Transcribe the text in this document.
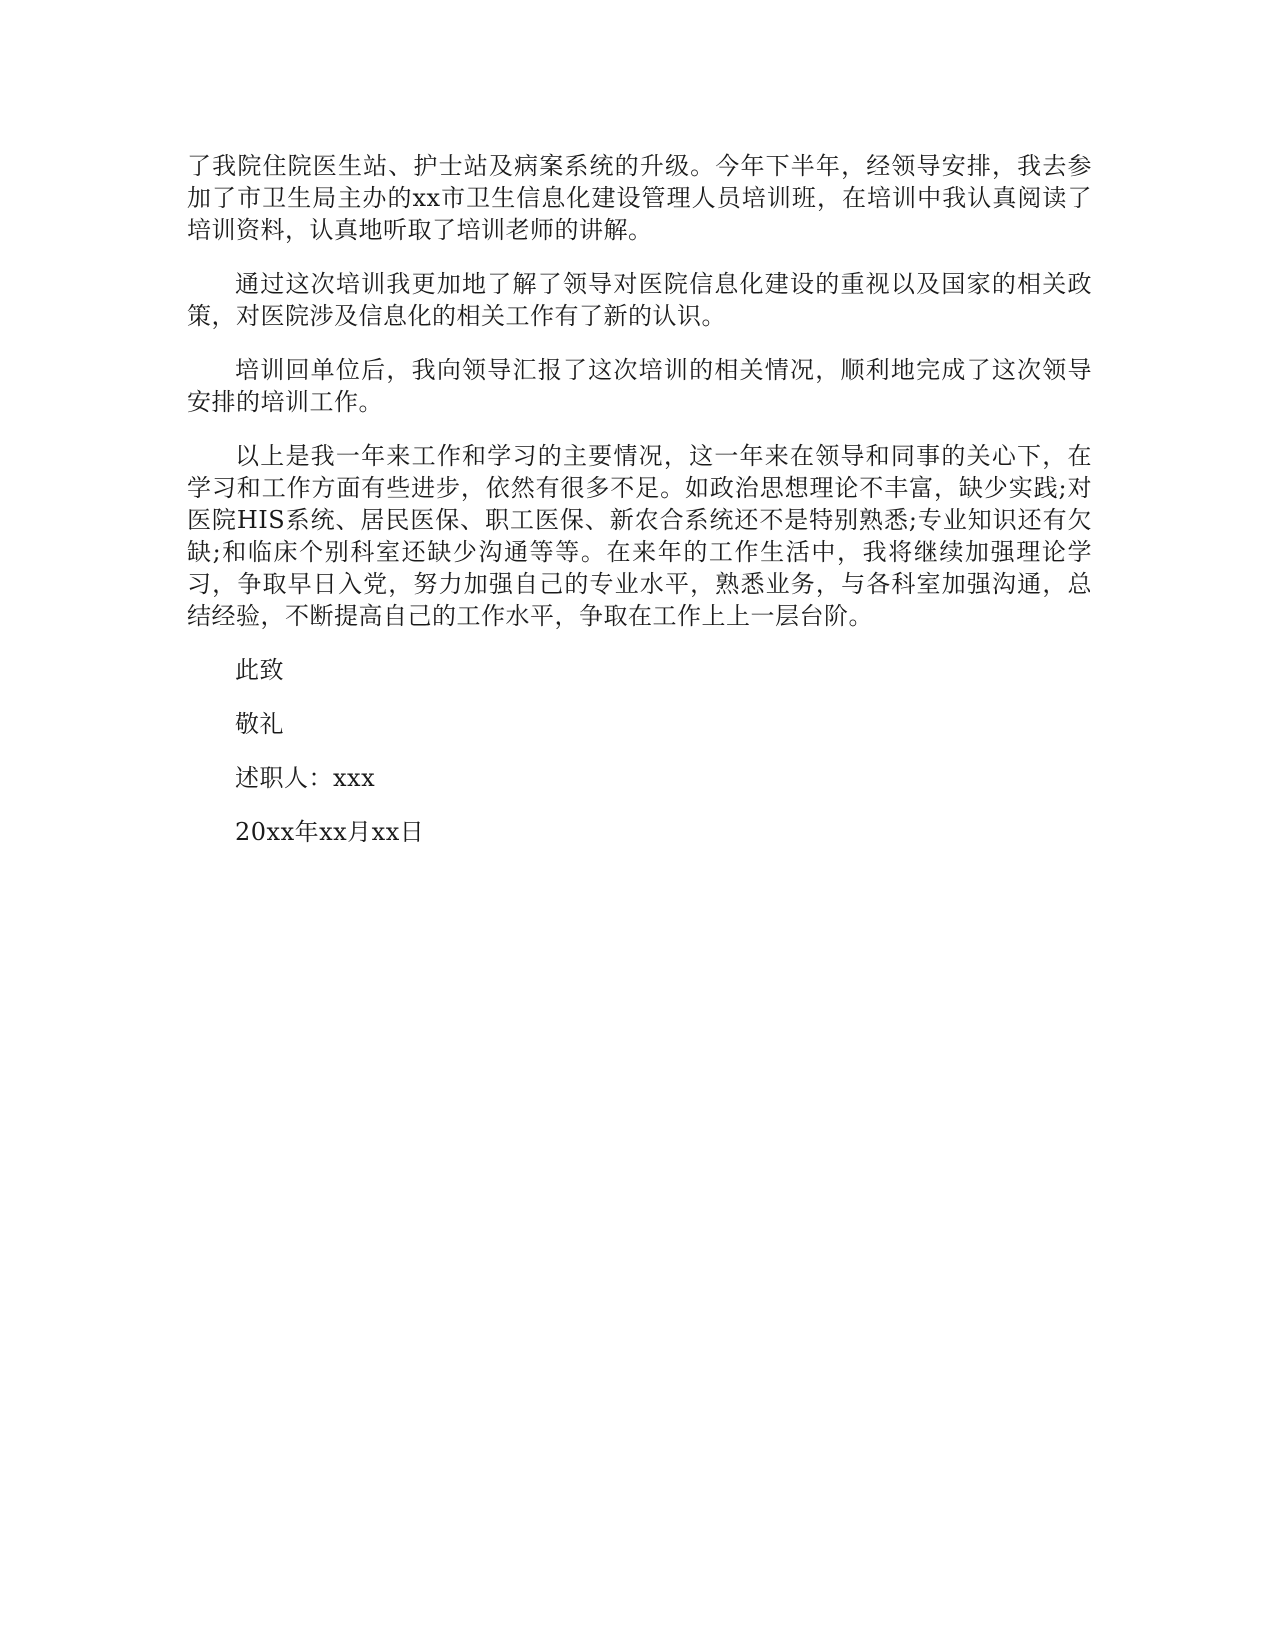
了我院住院医生站、护士站及病案系统的升级。今年下半年，经领导安排，我去参加了市卫生局主办的xx市卫生信息化建设管理人员培训班，在培训中我认真阅读了培训资料，认真地听取了培训老师的讲解。

通过这次培训我更加地了解了领导对医院信息化建设的重视以及国家的相关政策，对医院涉及信息化的相关工作有了新的认识。

培训回单位后，我向领导汇报了这次培训的相关情况，顺利地完成了这次领导安排的培训工作。

以上是我一年来工作和学习的主要情况，这一年来在领导和同事的关心下，在学习和工作方面有些进步，依然有很多不足。如政治思想理论不丰富，缺少实践;对医院HIS系统、居民医保、职工医保、新农合系统还不是特别熟悉;专业知识还有欠缺;和临床个别科室还缺少沟通等等。在来年的工作生活中，我将继续加强理论学习，争取早日入党，努力加强自己的专业水平，熟悉业务，与各科室加强沟通，总结经验，不断提高自己的工作水平，争取在工作上上一层台阶。

此致

敬礼

述职人：xxx

20xx年xx月xx日
